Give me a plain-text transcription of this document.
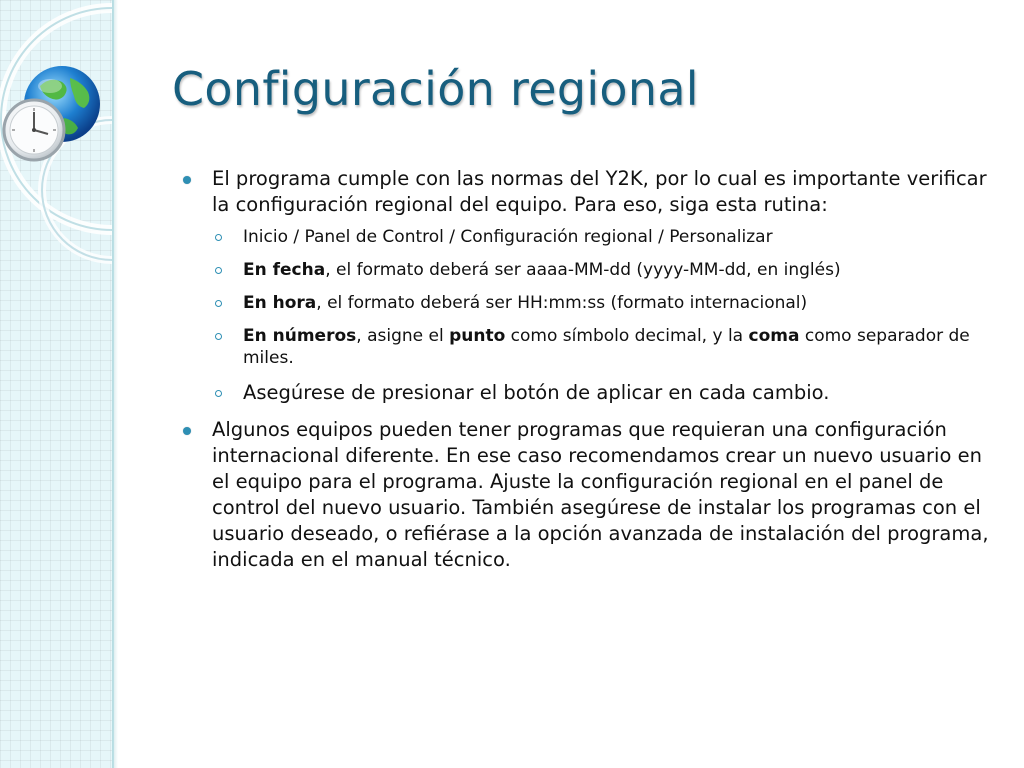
Configuración regional
El programa cumple con las normas del Y2K, por lo cual es importante verificar la configuración regional del equipo. Para eso, siga esta rutina:
Inicio / Panel de Control / Configuración regional / Personalizar
En fecha, el formato deberá ser aaaa-MM-dd (yyyy-MM-dd, en inglés)
En hora, el formato deberá ser HH:mm:ss (formato internacional)
En números, asigne el punto como símbolo decimal, y la coma como separador de miles.
Asegúrese de presionar el botón de aplicar en cada cambio.
Algunos equipos pueden tener programas que requieran una configuración internacional diferente. En ese caso recomendamos crear un nuevo usuario en el equipo para el programa. Ajuste la configuración regional en el panel de control del nuevo usuario. También asegúrese de instalar los programas con el usuario deseado, o refiérase a la opción avanzada de instalación del programa, indicada en el manual técnico.
